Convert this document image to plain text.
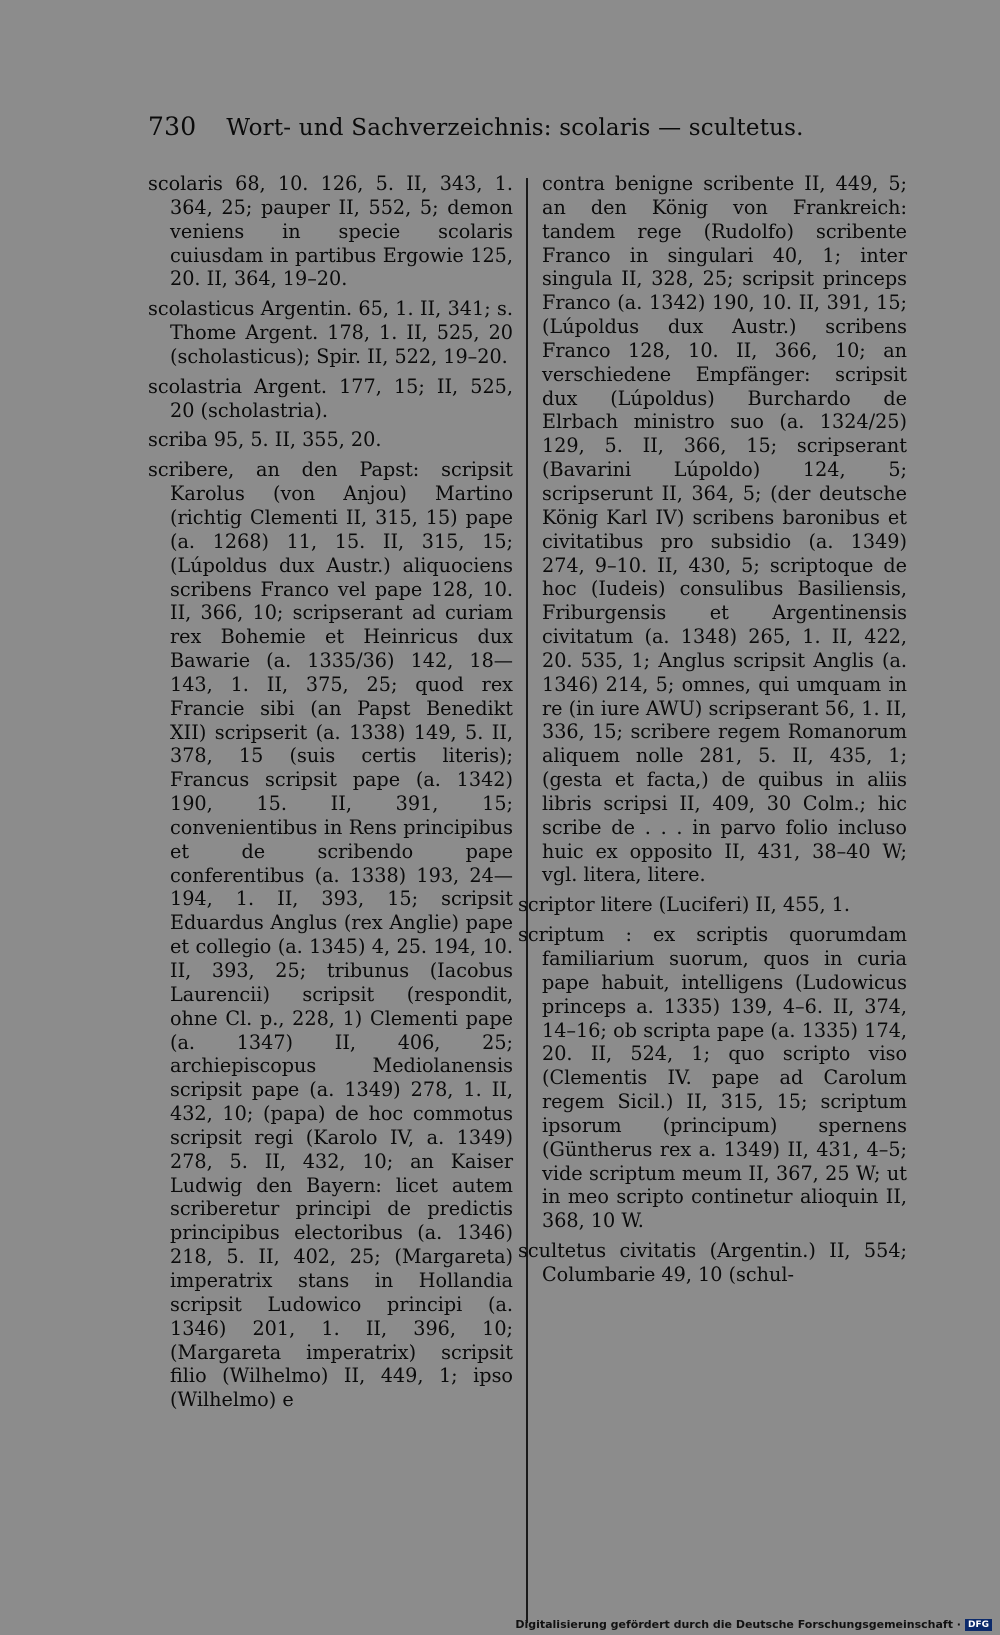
730 Wort- und Sachverzeichnis: scolaris — scultetus.

scolaris 68, 10. 126, 5. II, 343, 1. 364, 25; pauper II, 552, 5; demon veniens in specie scolaris cuiusdam in partibus Ergowie 125, 20. II, 364, 19–20.

scolasticus Argentin. 65, 1. II, 341; s. Thome Argent. 178, 1. II, 525, 20 (scholasticus); Spir. II, 522, 19–20.

scolastria Argent. 177, 15; II, 525, 20 (scholastria).

scriba 95, 5. II, 355, 20.

scribere, an den Papst: scripsit Karolus (von Anjou) Martino (richtig Clementi II, 315, 15) pape (a. 1268) 11, 15. II, 315, 15; (Lúpoldus dux Austr.) aliquociens scribens Franco vel pape 128, 10. II, 366, 10; scripserant ad curiam rex Bohemie et Heinricus dux Bawarie (a. 1335/36) 142, 18—143, 1. II, 375, 25; quod rex Francie sibi (an Papst Benedikt XII) scripserit (a. 1338) 149, 5. II, 378, 15 (suis certis literis); Francus scripsit pape (a. 1342) 190, 15. II, 391, 15; convenientibus in Rens principibus et de scribendo pape conferentibus (a. 1338) 193, 24—194, 1. II, 393, 15; scripsit Eduardus Anglus (rex Anglie) pape et collegio (a. 1345) 4, 25. 194, 10. II, 393, 25; tribunus (Iacobus Laurencii) scripsit (respondit, ohne Cl. p., 228, 1) Clementi pape (a. 1347) II, 406, 25; archiepiscopus Mediolanensis scripsit pape (a. 1349) 278, 1. II, 432, 10; (papa) de hoc commotus scripsit regi (Karolo IV, a. 1349) 278, 5. II, 432, 10; an Kaiser Ludwig den Bayern: licet autem scriberetur principi de predictis principibus electoribus (a. 1346) 218, 5. II, 402, 25; (Margareta) imperatrix stans in Hollandia scripsit Ludowico principi (a. 1346) 201, 1. II, 396, 10; (Margareta imperatrix) scripsit filio (Wilhelmo) II, 449, 1; ipso (Wilhelmo) e

contra benigne scribente II, 449, 5; an den König von Frankreich: tandem rege (Rudolfo) scribente Franco in singulari 40, 1; inter singula II, 328, 25; scripsit princeps Franco (a. 1342) 190, 10. II, 391, 15; (Lúpoldus dux Austr.) scribens Franco 128, 10. II, 366, 10; an verschiedene Empfänger: scripsit dux (Lúpoldus) Burchardo de Elrbach ministro suo (a. 1324/25) 129, 5. II, 366, 15; scripserant (Bavarini Lúpoldo) 124, 5; scripserunt II, 364, 5; (der deutsche König Karl IV) scribens baronibus et civitatibus pro subsidio (a. 1349) 274, 9–10. II, 430, 5; scriptoque de hoc (Iudeis) consulibus Basiliensis, Friburgensis et Argentinensis civitatum (a. 1348) 265, 1. II, 422, 20. 535, 1; Anglus scripsit Anglis (a. 1346) 214, 5; omnes, qui umquam in re (in iure AWU) scripserant 56, 1. II, 336, 15; scribere regem Romanorum aliquem nolle 281, 5. II, 435, 1; (gesta et facta,) de quibus in aliis libris scripsi II, 409, 30 Colm.; hic scribe de . . . in parvo folio incluso huic ex opposito II, 431, 38–40 W; vgl. litera, litere.

scriptor litere (Luciferi) II, 455, 1.

scriptum : ex scriptis quorumdam familiarium suorum, quos in curia pape habuit, intelligens (Ludowicus princeps a. 1335) 139, 4–6. II, 374, 14–16; ob scripta pape (a. 1335) 174, 20. II, 524, 1; quo scripto viso (Clementis IV. pape ad Carolum regem Sicil.) II, 315, 15; scriptum ipsorum (principum) spernens (Güntherus rex a. 1349) II, 431, 4–5; vide scriptum meum II, 367, 25 W; ut in meo scripto continetur alioquin II, 368, 10 W.

scultetus civitatis (Argentin.) II, 554; Columbarie 49, 10 (schul-

Digitalisierung gefördert durch die Deutsche Forschungsgemeinschaft · DFG
